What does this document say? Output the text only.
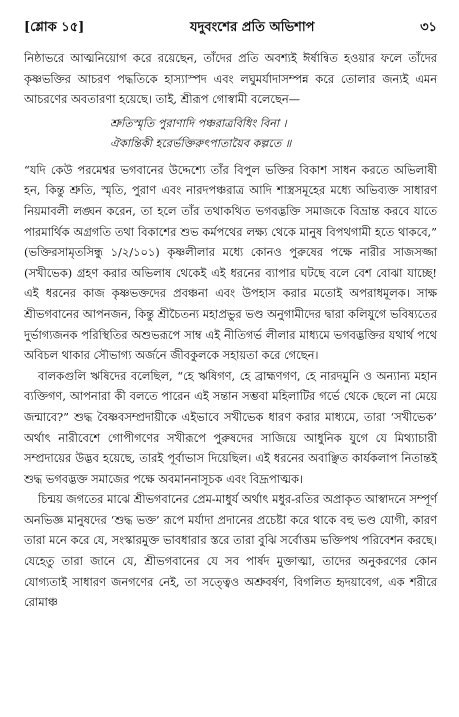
[শ্লোক ১৫]	যদুবংশের প্রতি অভিশাপ	৩১

নিষ্ঠাভরে আত্মনিয়োগ করে রয়েছেন, তাঁদের প্রতি অবশ্যই ঈর্ষান্বিত হওয়ার ফলে তাঁদের কৃষ্ণভক্তির আচরণ পদ্ধতিকে হাস্যাস্পদ এবং লঘুমর্যাদাসম্পন্ন করে তোলার জন্যই এমন আচরণের অবতারণা হয়েছে। তাই, শ্রীরূপ গোস্বামী বলেছেন—

শ্রুতিস্মৃতি পুরাণাদি পঞ্চরাত্রবিধিং বিনা ।
ঐকান্তিকী হরের্ভক্তিরুৎপাতায়ৈব কল্পতে ॥

“যদি কেউ পরমেশ্বর ভগবানের উদ্দেশ্যে তাঁর বিপুল ভক্তির বিকাশ সাধন করতে অভিলাষী হন, কিন্তু শ্রুতি, স্মৃতি, পুরাণ এবং নারদপঞ্চরাত্র আদি শাস্ত্রসমূহের মধ্যে অভিব্যক্ত সাধারণ নিয়মাবলী লঙ্ঘন করেন, তা হলে তাঁর তথাকথিত ভগবদ্ভক্তি সমাজকে বিভ্রান্ত করবে যাতে পারমার্থিক অগ্রগতি তথা বিকাশের শুভ কর্মপথের লক্ষ্য থেকে মানুষ বিপথগামী হতে থাকবে,” (ভক্তিরসামৃতসিন্ধু ১/২/১০১) কৃষ্ণলীলার মধ্যে কোনও পুরুষের পক্ষে নারীর সাজসজ্জা (সখীভেক) গ্রহণ করার অভিলাষ থেকেই এই ধরনের ব্যাপার ঘটছে বলে বেশ বোঝা যাচ্ছে! এই ধরনের কাজ কৃষ্ণভক্তদের প্রবঞ্চনা এবং উপহাস করার মতোই অপরাধমূলক। সাক্ষ শ্রীভগবানের আপনজন, কিন্তু শ্রীচৈতন্য মহাপ্রভুর ভণ্ড অনুগামীদের দ্বারা কলিযুগে ভবিষ্যতের দুর্ভাগ্যজনক পরিস্থিতির অশুভরূপে সাম্ব এই নীতিগর্ভ লীলার মাধ্যমে ভগবদ্ভক্তির যথার্থ পথে অবিচল থাকার সৌভাগ্য অর্জনে জীবকুলকে সহায়তা করে গেছেন।

বালকগুলি ঋষিদের বলেছিল, “হে ঋষিগণ, হে ব্রাহ্মণগণ, হে নারদমুনি ও অন্যান্য মহান ব্যক্তিগণ, আপনারা কী বলতে পারেন এই সন্তান সম্ভবা মহিলাটির গর্ভে থেকে ছেলে না মেয়ে জন্মাবে?” শুদ্ধ বৈষ্ণবসম্প্রদায়ীকে এইভাবে সখীভেক ধারণ করার মাধ্যমে, তারা ‘সখীভেক’ অর্থাৎ নারীবেশে গোপীগণের সখীরূপে পুরুষদের সাজিয়ে আধুনিক যুগে যে মিথ্যাচারী সম্প্রদায়ের উদ্ভব হয়েছে, তারই পূর্বাভাস দিয়েছিল। এই ধরনের অবাঞ্ছিত কার্যকলাপ নিতান্তই শুদ্ধ ভগবদ্ভক্ত সমাজের পক্ষে অবমাননাসূচক এবং বিদ্রূপাত্মক।

চিন্ময় জগতের মাঝে শ্রীভগবানের প্রেম-মাধুর্য অর্থাৎ মধুর-রতির অপ্রাকৃত আস্বাদনে সম্পূর্ণ অনভিজ্ঞ মানুষদের ‘শুদ্ধ ভক্ত’ রূপে মর্যাদা প্রদানের প্রচেষ্টা করে থাকে বহু ভণ্ড যোগী, কারণ তারা মনে করে যে, সংস্কারমুক্ত ভাবধারার স্তরে তারা বুঝি সর্বোত্তম ভক্তিপথ পরিবেশন করছে। যেহেতু তারা জানে যে, শ্রীভগবানের যে সব পার্ষদ মুক্তাত্মা, তাদের অনুকরণের কোন যোগ্যতাই সাধারণ জনগণের নেই, তা সত্ত্বেও অশ্রুবর্ষণ, বিগলিত হৃদয়াবেগ, এক শরীরে রোমাঞ্চ
